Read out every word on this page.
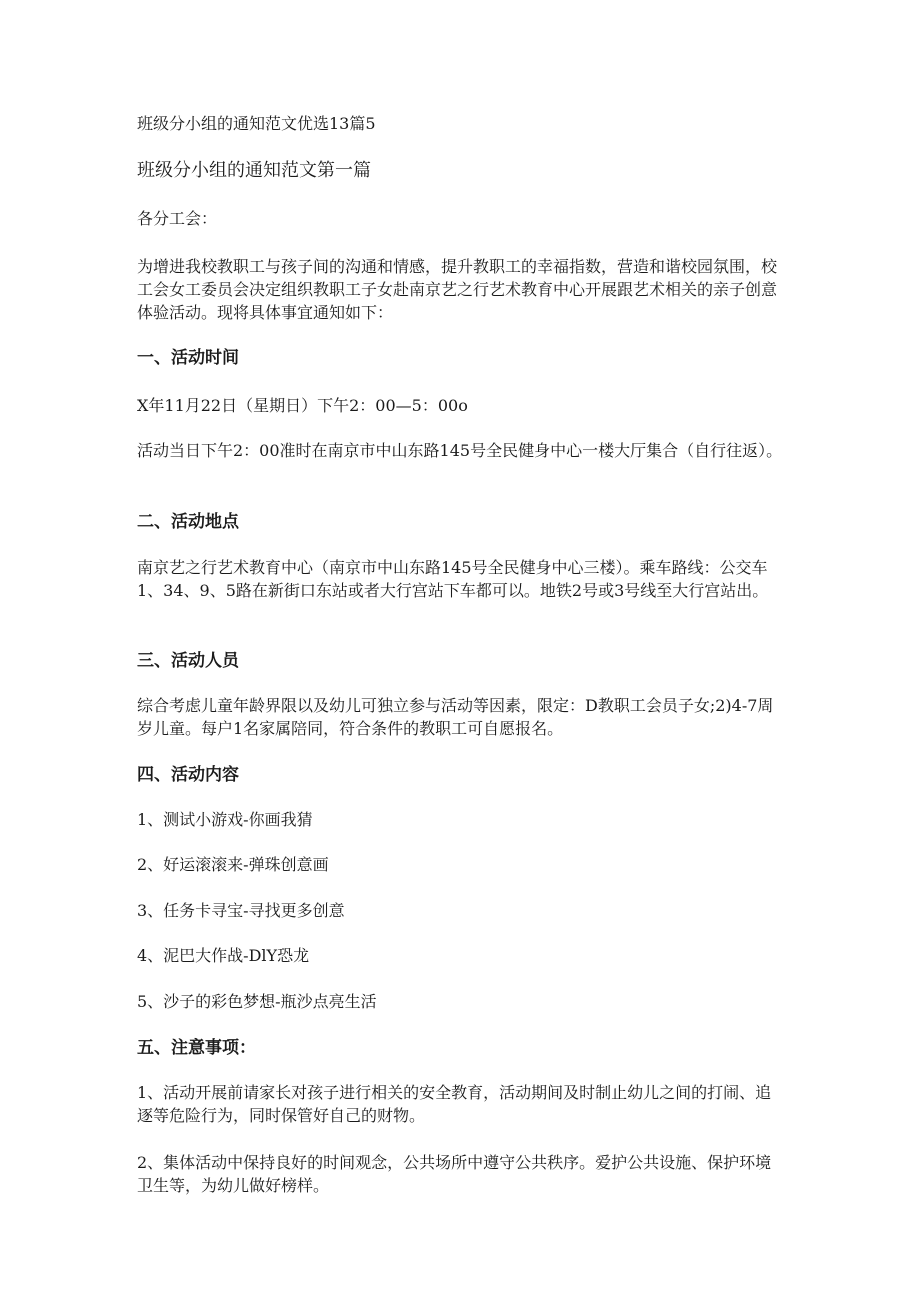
班级分小组的通知范文优选13篇5

班级分小组的通知范文第一篇

各分工会：

为增进我校教职工与孩子间的沟通和情感，提升教职工的幸福指数，营造和谐校园氛围，校工会女工委员会决定组织教职工子女赴南京艺之行艺术教育中心开展跟艺术相关的亲子创意体验活动。现将具体事宜通知如下：

一、活动时间

X年11月22日（星期日）下午2：00—5：00o

活动当日下午2：00准时在南京市中山东路145号全民健身中心一楼大厅集合（自行往返）。

二、活动地点

南京艺之行艺术教育中心（南京市中山东路145号全民健身中心三楼）。乘车路线：公交车1、34、9、5路在新街口东站或者大行宫站下车都可以。地铁2号或3号线至大行宫站出。

三、活动人员

综合考虑儿童年龄界限以及幼儿可独立参与活动等因素，限定：D教职工会员子女;2)4-7周岁儿童。每户1名家属陪同，符合条件的教职工可自愿报名。

四、活动内容

1、测试小游戏-你画我猜

2、好运滚滚来-弹珠创意画

3、任务卡寻宝-寻找更多创意

4、泥巴大作战-DlY恐龙

5、沙子的彩色梦想-瓶沙点亮生活

五、注意事项：

1、活动开展前请家长对孩子进行相关的安全教育，活动期间及时制止幼儿之间的打闹、追逐等危险行为，同时保管好自己的财物。

2、集体活动中保持良好的时间观念，公共场所中遵守公共秩序。爱护公共设施、保护环境卫生等，为幼儿做好榜样。
